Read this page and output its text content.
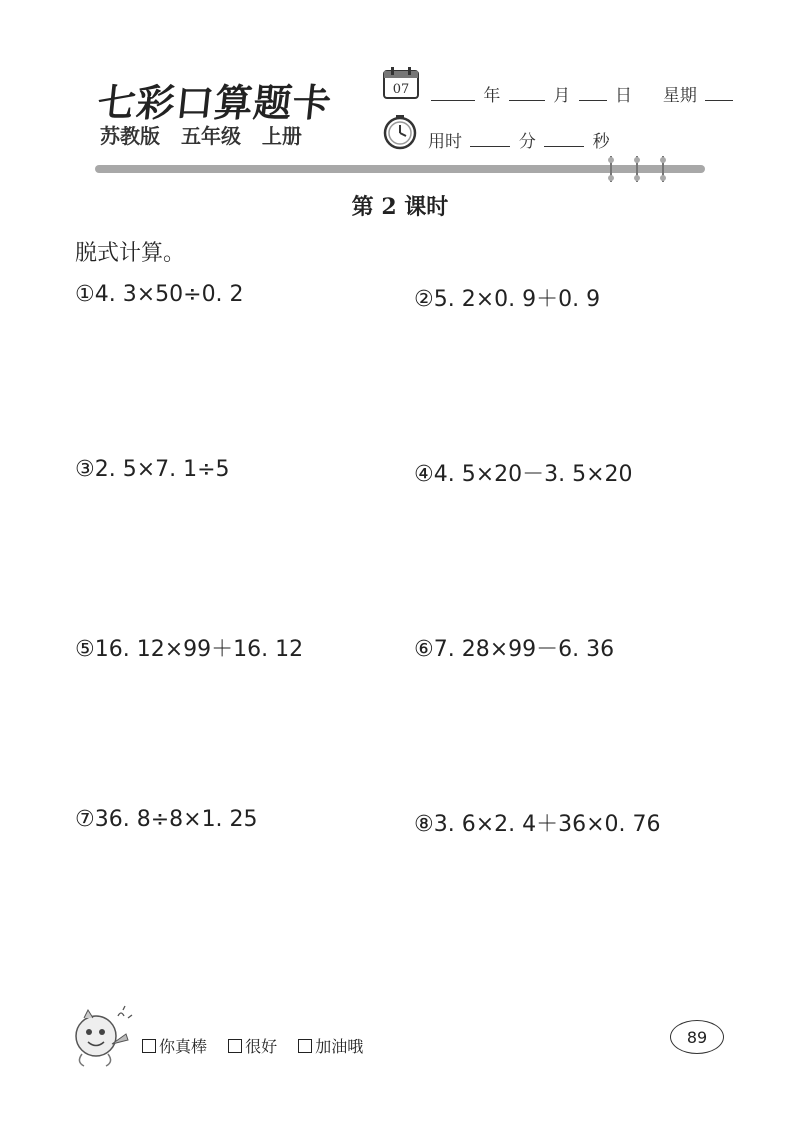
七彩口算题卡
苏教版 五年级 上册
07	年	月	日 星期
用时	分	秒
第 2 课时
脱式计算。
①4. 3×50÷0. 2	②5. 2×0. 9＋0. 9
③2. 5×7. 1÷5	④4. 5×20－3. 5×20
⑤16. 12×99＋16. 12	⑥7. 28×99－6. 36
⑦36. 8÷8×1. 25	⑧3. 6×2. 4＋36×0. 76
你真棒
很好
加油哦	89
